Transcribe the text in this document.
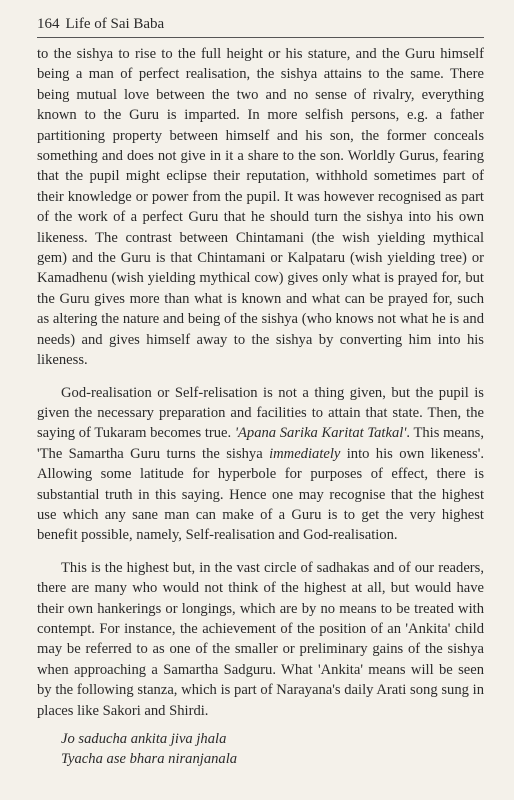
164 Life of Sai Baba

to the sishya to rise to the full height or his stature, and the Guru himself being a man of perfect realisation, the sishya attains to the same. There being mutual love between the two and no sense of rivalry, everything known to the Guru is imparted. In more selfish persons, e.g. a father partitioning property between himself and his son, the former conceals something and does not give in it a share to the son. Worldly Gurus, fearing that the pupil might eclipse their reputation, withhold sometimes part of their knowledge or power from the pupil. It was however recognised as part of the work of a perfect Guru that he should turn the sishya into his own likeness. The contrast between Chintamani (the wish yielding mythical gem) and the Guru is that Chintamani or Kalpataru (wish yielding tree) or Kamadhenu (wish yielding mythical cow) gives only what is prayed for, but the Guru gives more than what is known and what can be prayed for, such as altering the nature and being of the sishya (who knows not what he is and needs) and gives himself away to the sishya by converting him into his likeness.

God-realisation or Self-relisation is not a thing given, but the pupil is given the necessary preparation and facilities to attain that state. Then, the saying of Tukaram becomes true. 'Apana Sarika Karitat Tatkal'. This means, 'The Samartha Guru turns the sishya immediately into his own likeness'. Allowing some latitude for hyperbole for purposes of effect, there is substantial truth in this saying. Hence one may recognise that the highest use which any sane man can make of a Guru is to get the very highest benefit possible, namely, Self-realisation and God-realisation.

This is the highest but, in the vast circle of sadhakas and of our readers, there are many who would not think of the highest at all, but would have their own hankerings or longings, which are by no means to be treated with contempt. For instance, the achievement of the position of an 'Ankita' child may be referred to as one of the smaller or preliminary gains of the sishya when approaching a Samartha Sadguru. What 'Ankita' means will be seen by the following stanza, which is part of Narayana's daily Arati song sung in places like Sakori and Shirdi.

Jo saducha ankita jiva jhala
Tyacha ase bhara niranjanala
